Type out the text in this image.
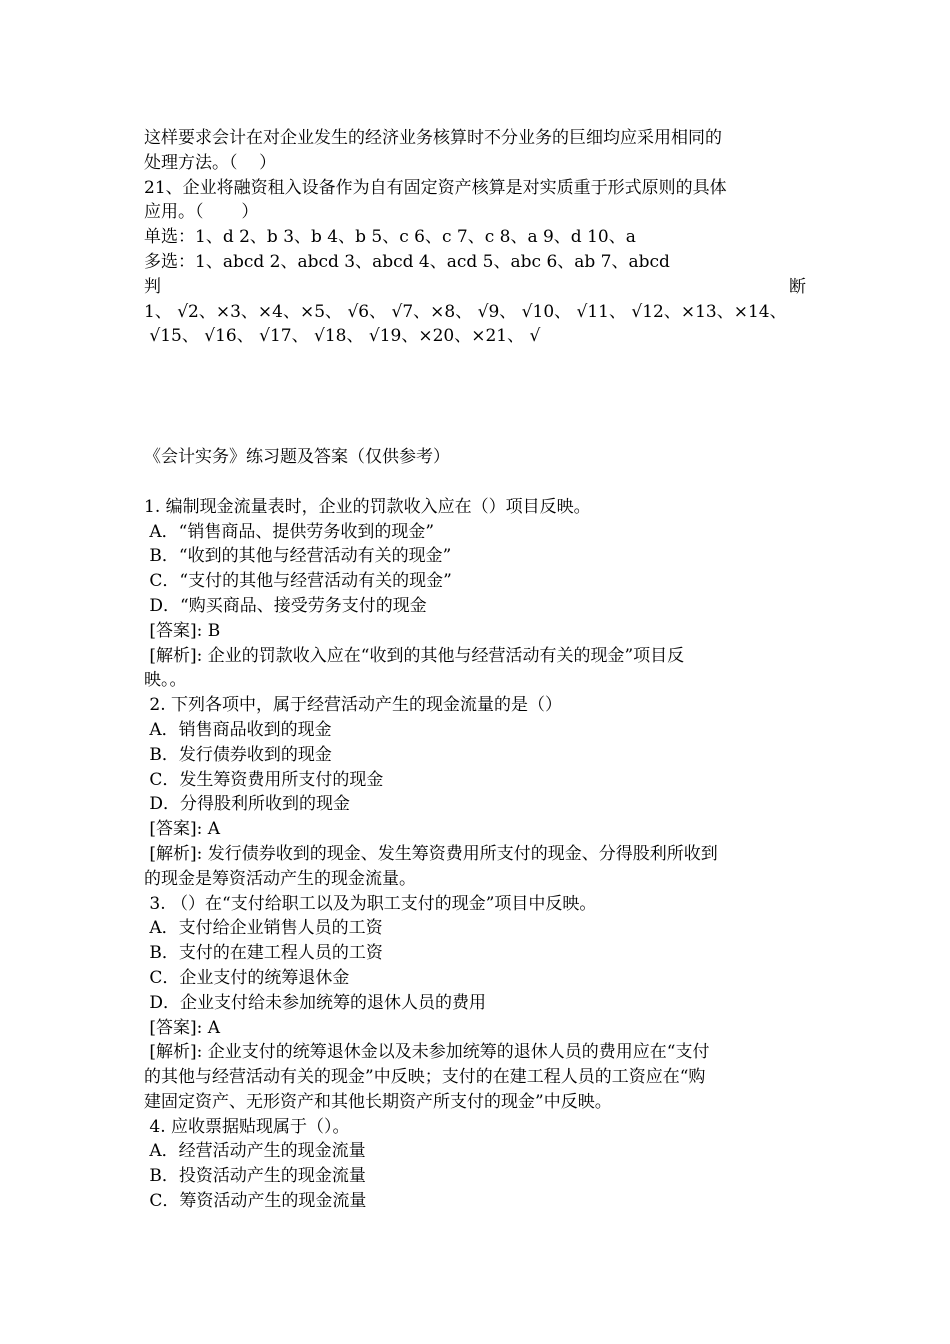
这样要求会计在对企业发生的经济业务核算时不分业务的巨细均应采用相同的
处理方法。（    ）
21、企业将融资租入设备作为自有固定资产核算是对实质重于形式原则的具体
应用。（       ）
单选：1、d 2、b 3、b 4、b 5、c 6、c 7、c 8、a 9、d 10、a
多选：1、abcd 2、abcd 3、abcd 4、acd 5、abc 6、ab 7、abcd
判	断
1、 √2、×3、×4、×5、 √6、 √7、×8、 √9、 √10、 √11、 √12、×13、×14、
√15、 √16、 √17、 √18、 √19、×20、×21、 √
《会计实务》练习题及答案（仅供参考）
1. 编制现金流量表时，企业的罚款收入应在（）项目反映。
A．“销售商品、提供劳务收到的现金”
B．“收到的其他与经营活动有关的现金”
C．“支付的其他与经营活动有关的现金”
D．“购买商品、接受劳务支付的现金
[答案]: B
[解析]: 企业的罚款收入应在“收到的其他与经营活动有关的现金”项目反
映。。
2. 下列各项中，属于经营活动产生的现金流量的是（）
A．销售商品收到的现金
B．发行债券收到的现金
C．发生筹资费用所支付的现金
D．分得股利所收到的现金
[答案]: A
[解析]: 发行债券收到的现金、发生筹资费用所支付的现金、分得股利所收到
的现金是筹资活动产生的现金流量。
3. （）在“支付给职工以及为职工支付的现金”项目中反映。
A．支付给企业销售人员的工资
B．支付的在建工程人员的工资
C．企业支付的统筹退休金
D．企业支付给未参加统筹的退休人员的费用
[答案]: A
[解析]: 企业支付的统筹退休金以及未参加统筹的退休人员的费用应在“支付
的其他与经营活动有关的现金”中反映；支付的在建工程人员的工资应在“购
建固定资产、无形资产和其他长期资产所支付的现金”中反映。
4. 应收票据贴现属于（）。
A．经营活动产生的现金流量
B．投资活动产生的现金流量
C．筹资活动产生的现金流量
